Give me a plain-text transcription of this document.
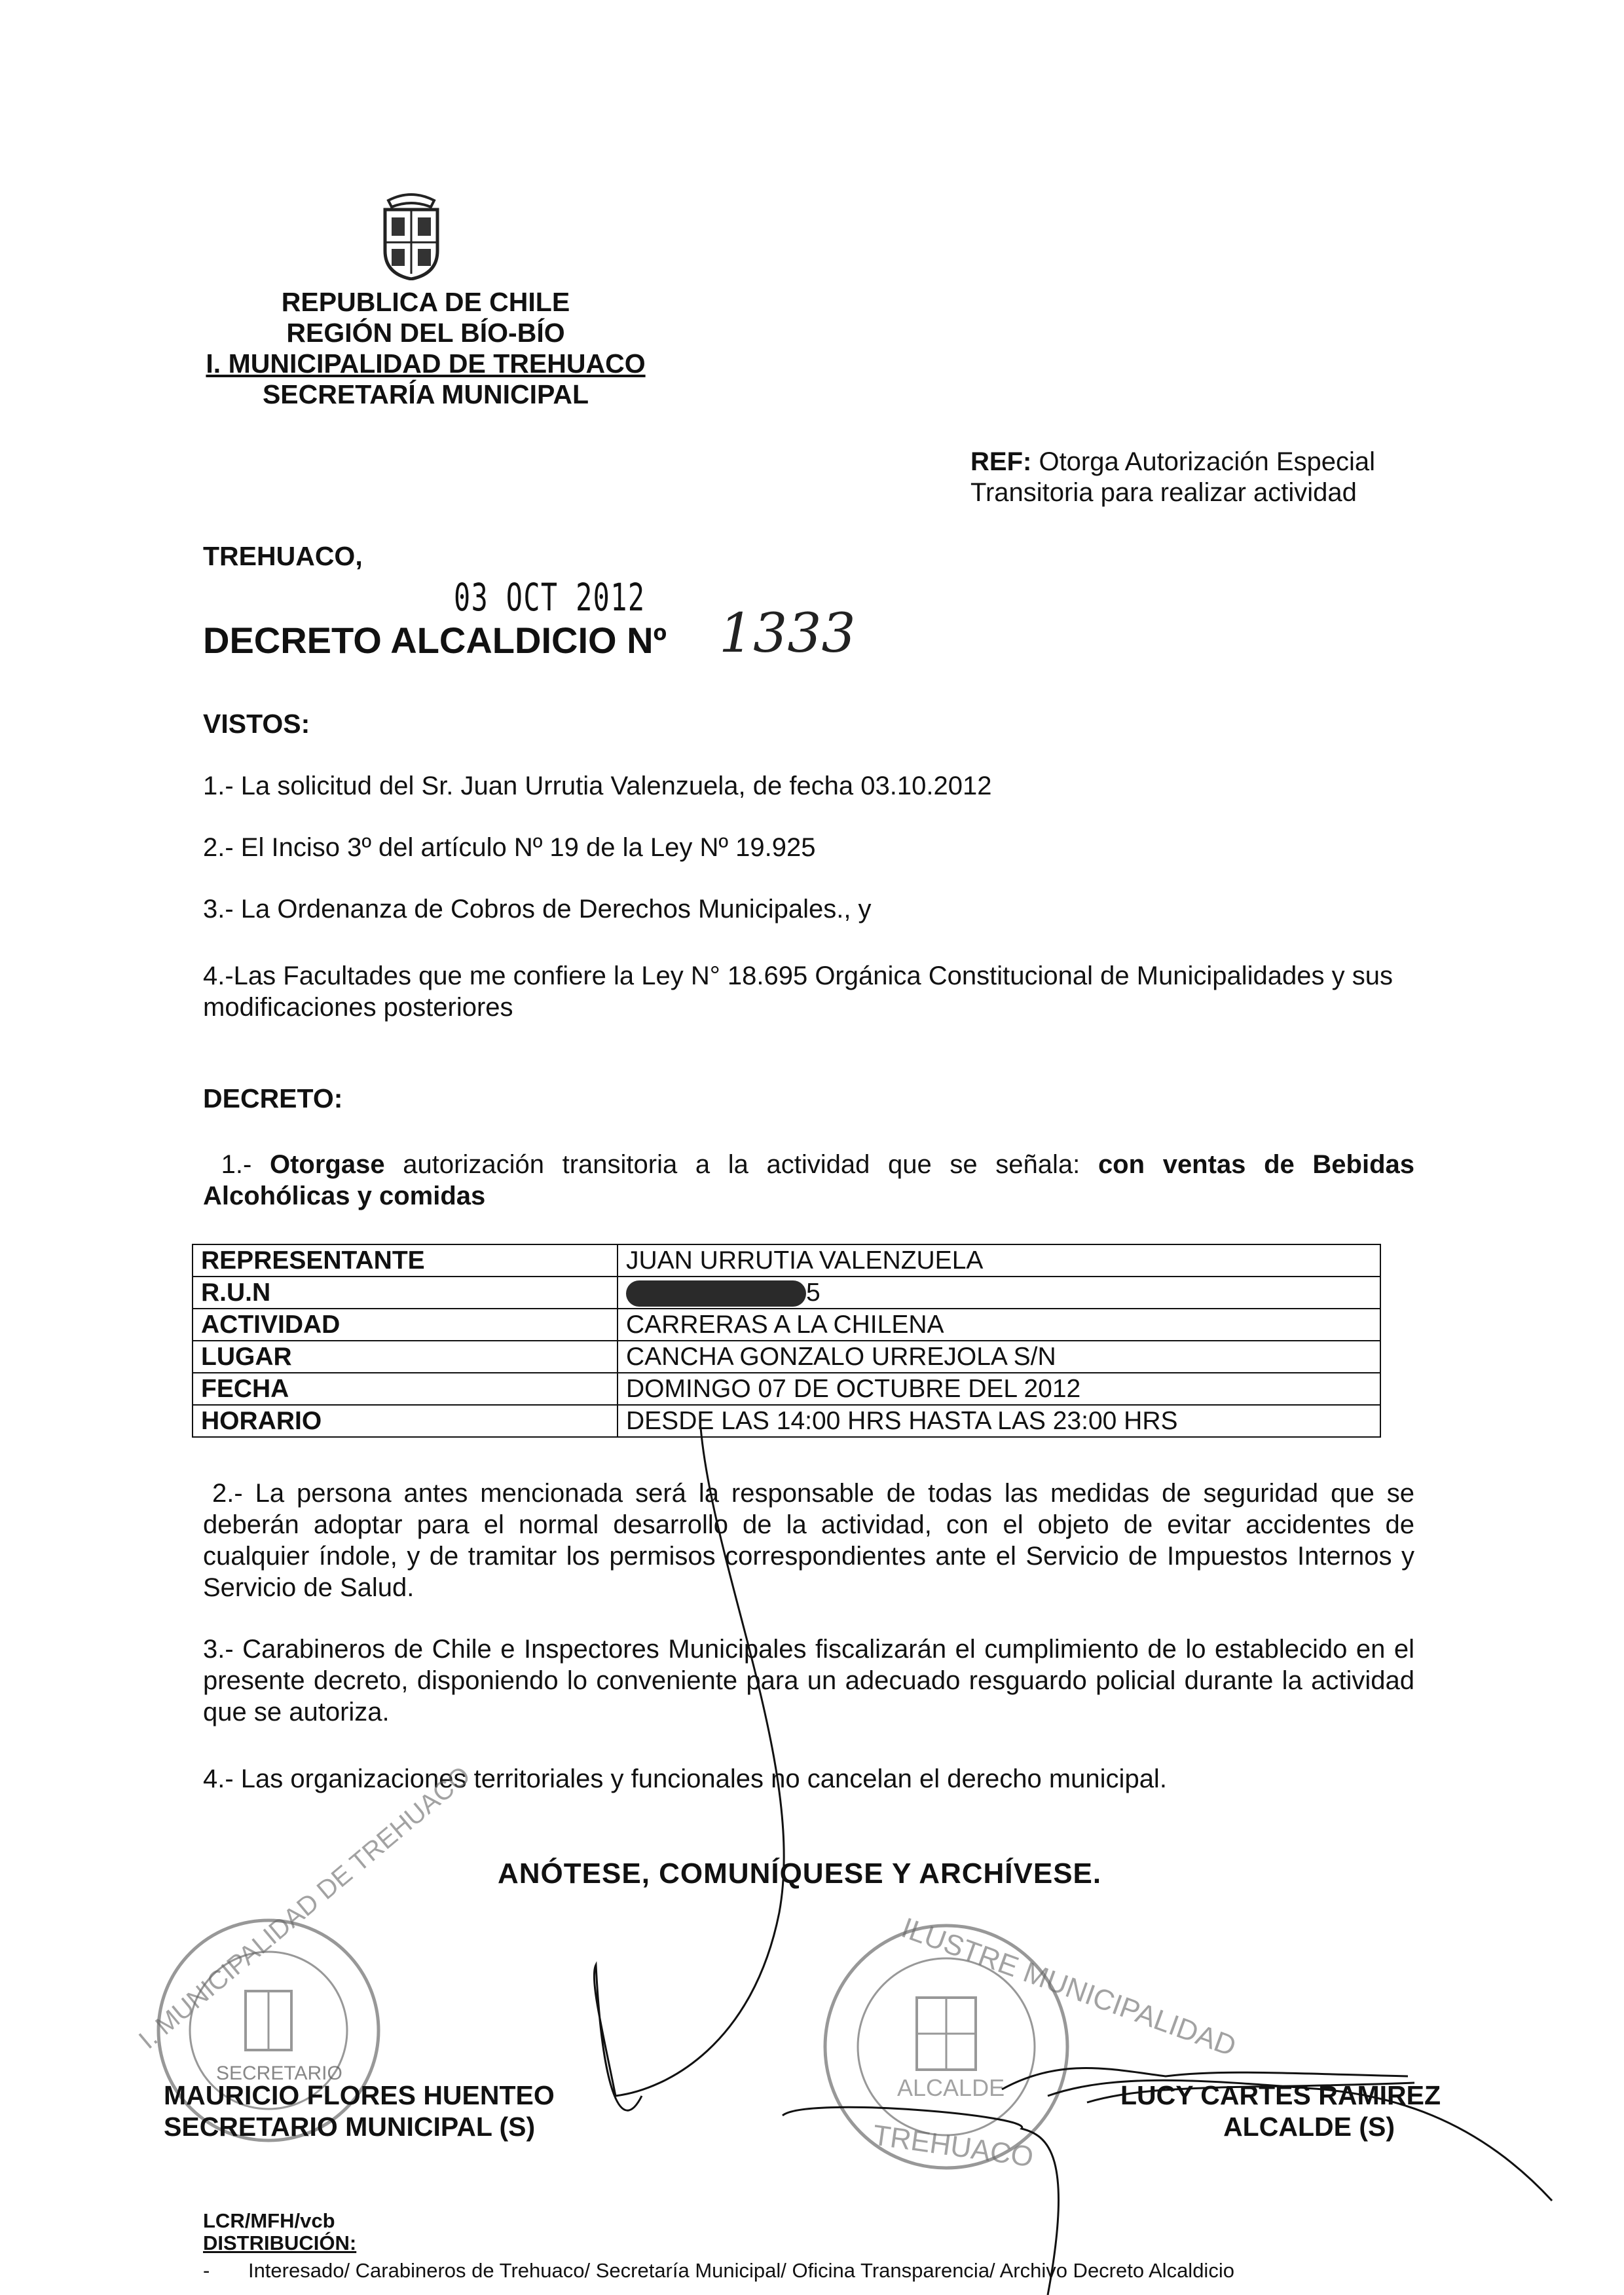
REPUBLICA DE CHILE
REGIÓN DEL BÍO-BÍO
I. MUNICIPALIDAD DE TREHUACO
SECRETARÍA MUNICIPAL
REF: Otorga Autorización Especial
Transitoria para realizar actividad
TREHUACO,
03 OCT 2012
DECRETO ALCALDICIO Nº 1333
VISTOS:
1.- La solicitud del Sr. Juan Urrutia Valenzuela, de fecha 03.10.2012
2.- El Inciso 3º del artículo Nº 19 de la Ley Nº 19.925
3.- La Ordenanza de Cobros de Derechos Municipales., y
4.-Las Facultades que me confiere la Ley N° 18.695 Orgánica Constitucional de Municipalidades y sus modificaciones posteriores
DECRETO:
1.- Otorgase autorización transitoria a la actividad que se señala: con ventas de Bebidas Alcohólicas y comidas
REPRESENTANTE	JUAN URRUTIA VALENZUELA
R.U.N	5
ACTIVIDAD	CARRERAS A LA CHILENA
LUGAR	CANCHA GONZALO URREJOLA S/N
FECHA	DOMINGO 07 DE OCTUBRE DEL 2012
HORARIO	DESDE LAS 14:00 HRS HASTA LAS 23:00 HRS
2.- La persona antes mencionada será la responsable de todas las medidas de seguridad que se deberán adoptar para el normal desarrollo de la actividad, con el objeto de evitar accidentes de cualquier índole, y de tramitar los permisos correspondientes ante el Servicio de Impuestos Internos y Servicio de Salud.
3.- Carabineros de Chile e Inspectores Municipales fiscalizarán el cumplimiento de lo establecido en el presente decreto, disponiendo lo conveniente para un adecuado resguardo policial durante la actividad que se autoriza.
4.- Las organizaciones territoriales y funcionales no cancelan el derecho municipal.
ANÓTESE, COMUNÍQUESE Y ARCHÍVESE.
I. MUNICIPALIDAD DE TREHUACO
SECRETARIO
ILUSTRE MUNICIPALIDAD
ALCALDE
TREHUACO
MAURICIO FLORES HUENTEO
SECRETARIO MUNICIPAL (S)
LUCY CARTES RAMIREZ
ALCALDE (S)
LCR/MFH/vcb
DISTRIBUCIÓN:
- Interesado/ Carabineros de Trehuaco/ Secretaría Municipal/ Oficina Transparencia/ Archivo Decreto Alcaldicio
